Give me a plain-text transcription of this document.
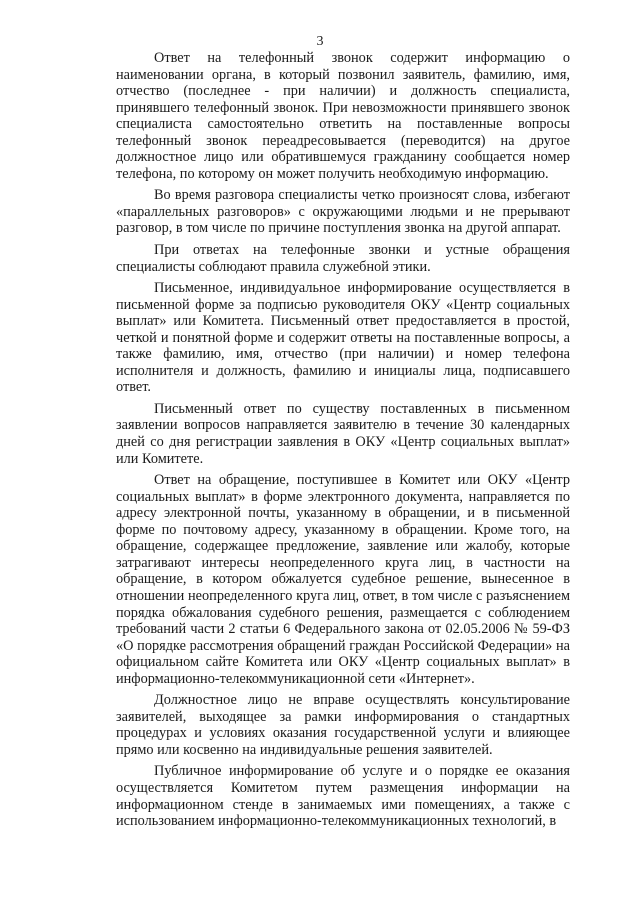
3

Ответ на телефонный звонок содержит информацию о наименовании органа, в который позвонил заявитель, фамилию, имя, отчество (последнее - при наличии) и должность специалиста, принявшего телефонный звонок. При невозможности принявшего звонок специалиста самостоятельно ответить на поставленные вопросы телефонный звонок переадресовывается (переводится) на другое должностное лицо или обратившемуся гражданину сообщается номер телефона, по которому он может получить необходимую информацию.

Во время разговора специалисты четко произносят слова, избегают «параллельных разговоров» с окружающими людьми и не прерывают разговор, в том числе по причине поступления звонка на другой аппарат.

При ответах на телефонные звонки и устные обращения специалисты соблюдают правила служебной этики.

Письменное, индивидуальное информирование осуществляется в письменной форме за подписью руководителя ОКУ «Центр социальных выплат» или Комитета. Письменный ответ предоставляется в простой, четкой и понятной форме и содержит ответы на поставленные вопросы, а также фамилию, имя, отчество (при наличии) и номер телефона исполнителя и должность, фамилию и инициалы лица, подписавшего ответ.

Письменный ответ по существу поставленных в письменном заявлении вопросов направляется заявителю в течение 30 календарных дней со дня регистрации заявления в ОКУ «Центр социальных выплат» или Комитете.

Ответ на обращение, поступившее в Комитет или ОКУ «Центр социальных выплат» в форме электронного документа, направляется по адресу электронной почты, указанному в обращении, и в письменной форме по почтовому адресу, указанному в обращении. Кроме того, на обращение, содержащее предложение, заявление или жалобу, которые затрагивают интересы неопределенного круга лиц, в частности на обращение, в котором обжалуется судебное решение, вынесенное в отношении неопределенного круга лиц, ответ, в том числе с разъяснением порядка обжалования судебного решения, размещается с соблюдением требований части 2 статьи 6 Федерального закона от 02.05.2006 № 59-ФЗ «О порядке рассмотрения обращений граждан Российской Федерации» на официальном сайте Комитета или ОКУ «Центр социальных выплат» в информационно-телекоммуникационной сети «Интернет».

Должностное лицо не вправе осуществлять консультирование заявителей, выходящее за рамки информирования о стандартных процедурах и условиях оказания государственной услуги и влияющее прямо или косвенно на индивидуальные решения заявителей.

Публичное информирование об услуге и о порядке ее оказания осуществляется Комитетом путем размещения информации на информационном стенде в занимаемых ими помещениях, а также с использованием информационно-телекоммуникационных технологий, в
